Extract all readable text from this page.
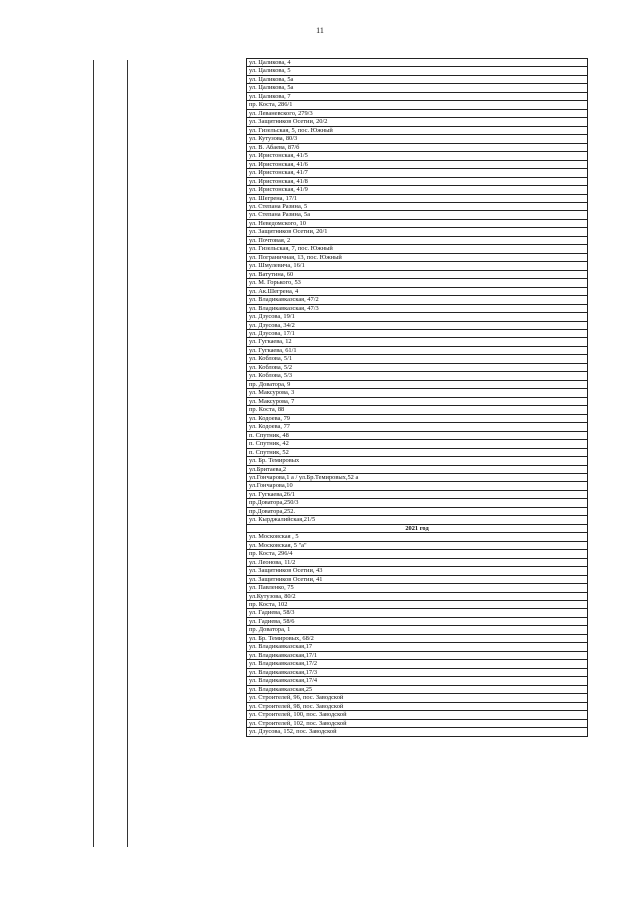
11
ул. Цаликова, 4
ул. Цаликова, 5
ул. Цаликова, 5а
ул. Цаликова, 5а
ул. Цаликова, 7
пр. Коста, 286/1
ул. Леваневского, 279/3
ул. Защитников Осетии, 20/2
ул. Гизельская, 5, пос. Южный
ул. Кутузова, 80/3
ул. В. Абаева, 87/б
ул. Иристонская, 41/5
ул. Иристонская, 41/6
ул. Иристонская, 41/7
ул. Иристонская, 41/8
ул. Иристонская, 41/9
ул. Шегрена, 17/1
ул. Степана Разина, 5
ул. Степана Разина, 5а
ул. Неведомского, 10
ул. Защитников Осетии, 20/1
ул. Почтовая, 2
ул. Гизельская, 7, пос. Южный
ул. Пограничная, 13, пос. Южный
ул. Шмулевича, 16/1
ул. Ватутина, 60
ул. М. Горького, 53
ул. Ак.Шегрена, 4
ул. Владикавказская, 47/2
ул. Владикавказская, 47/3
ул. Дзусова, 19/1
ул. Дзусова, 34/2
ул. Дзусова, 17/1
ул. Гугкаева, 12
ул. Гугкаева, 61/1
ул. Коблова, 5/1
ул. Коблова, 5/2
ул. Коблова, 5/3
пр. Доватора, 9
ул. Максурова, 3
ул. Максурова, 7
пр. Коста, 88
ул. Кодоева, 79
ул. Кодоева, 77
п. Спутник, 48
п. Спутник, 42
п. Спутник, 52
ул. Бр. Темировых
ул.Бритаева,2
ул.Гончарова,1 а / ул.Бр.Темировых,52 а
ул.Гончарова,10
ул. Гугкаева,26/1
пр.Доватора,250/3
пр.Доватора,252.
ул. Кырджалийская,21/5
2021 год
ул. Московская , 5
ул. Московская, 5 "а"
пр. Коста, 296/4
ул. Леонова, 11/2
ул. Защитников Осетии, 43
ул. Защитников Осетии, 41
ул. Павленко, 75
ул.Кутузова, 80/2
пр. Коста, 102
ул. Гадиева, 58/3
ул. Гадиева, 58/6
пр. Доватора, 1
ул. Бр. Темировых, 68/2
ул. Владикавказская,17
ул. Владикавказская,17/1
ул. Владикавказская,17/2
ул. Владикавказская,17/3
ул. Владикавказская,17/4
ул. Владикавказская,25
ул. Строителей, 96, пос. Заводской
ул. Строителей, 98, пос. Заводской
ул. Строителей, 100, пос. Заводской
ул. Строителей, 102, пос. Заводской
ул. Дзусова, 152, пос. Заводской
